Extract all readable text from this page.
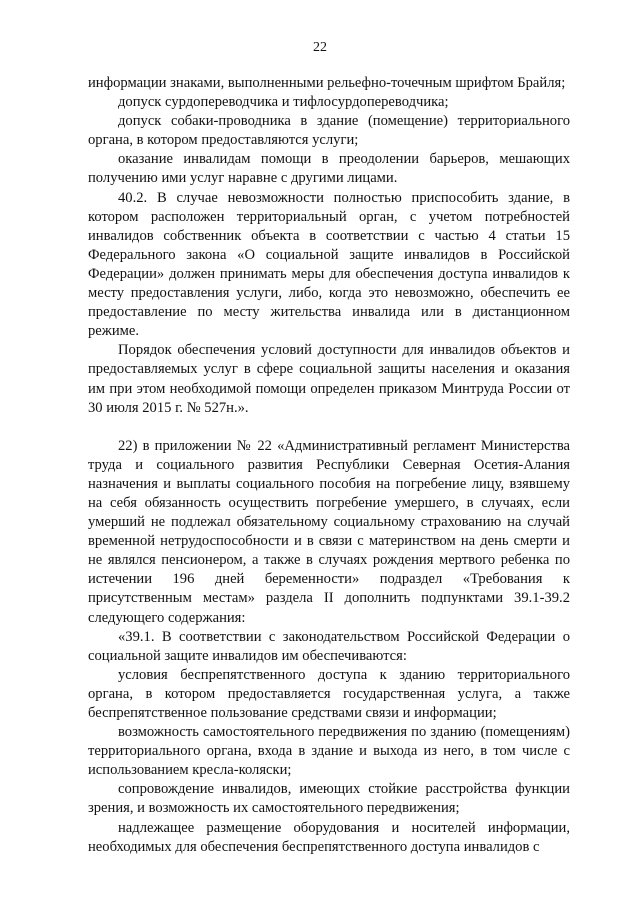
22

информации знаками, выполненными рельефно-точечным шрифтом Брайля;

допуск сурдопереводчика и тифлосурдопереводчика;

допуск собаки-проводника в здание (помещение) территориального органа, в котором предоставляются услуги;

оказание инвалидам помощи в преодолении барьеров, мешающих получению ими услуг наравне с другими лицами.

40.2. В случае невозможности полностью приспособить здание, в котором расположен территориальный орган, с учетом потребностей инвалидов собственник объекта в соответствии с частью 4 статьи 15 Федерального закона «О социальной защите инвалидов в Российской Федерации» должен принимать меры для обеспечения доступа инвалидов к месту предоставления услуги, либо, когда это невозможно, обеспечить ее предоставление по месту жительства инвалида или в дистанционном режиме.

Порядок обеспечения условий доступности для инвалидов объектов и предоставляемых услуг в сфере социальной защиты населения и оказания им при этом необходимой помощи определен приказом Минтруда России от 30 июля 2015 г. № 527н.».

22) в приложении № 22 «Административный регламент Министерства труда и социального развития Республики Северная Осетия-Алания назначения и выплаты социального пособия на погребение лицу, взявшему на себя обязанность осуществить погребение умершего, в случаях, если умерший не подлежал обязательному социальному страхованию на случай временной нетрудоспособности и в связи с материнством на день смерти и не являлся пенсионером, а также в случаях рождения мертвого ребенка по истечении 196 дней беременности» подраздел «Требования к присутственным местам» раздела II дополнить подпунктами 39.1-39.2 следующего содержания:

«39.1. В соответствии с законодательством Российской Федерации о социальной защите инвалидов им обеспечиваются:

условия беспрепятственного доступа к зданию территориального органа, в котором предоставляется государственная услуга, а также беспрепятственное пользование средствами связи и информации;

возможность самостоятельного передвижения по зданию (помещениям) территориального органа, входа в здание и выхода из него, в том числе с использованием кресла-коляски;

сопровождение инвалидов, имеющих стойкие расстройства функции зрения, и возможность их самостоятельного передвижения;

надлежащее размещение оборудования и носителей информации, необходимых для обеспечения беспрепятственного доступа инвалидов с
